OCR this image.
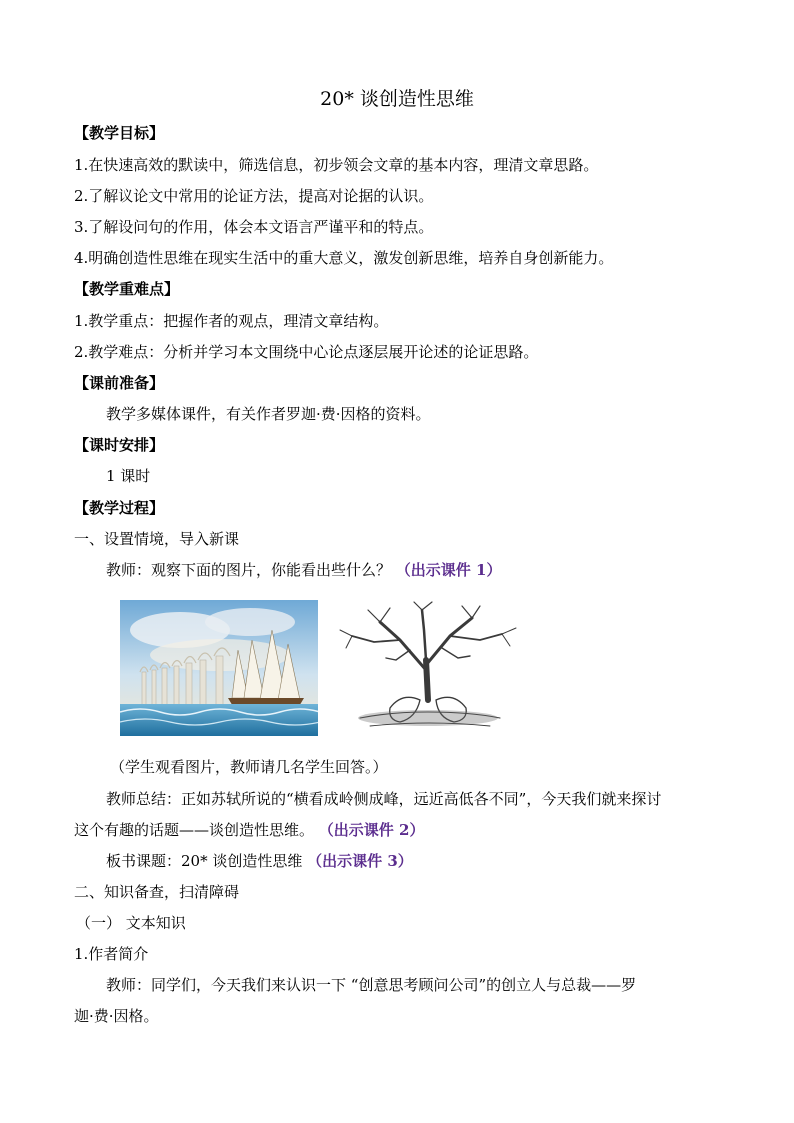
20* 谈创造性思维
【教学目标】
1.在快速高效的默读中，筛选信息，初步领会文章的基本内容，理清文章思路。
2.了解议论文中常用的论证方法，提高对论据的认识。
3.了解设问句的作用，体会本文语言严谨平和的特点。
4.明确创造性思维在现实生活中的重大意义，激发创新思维，培养自身创新能力。
【教学重难点】
1.教学重点：把握作者的观点，理清文章结构。
2.教学难点：分析并学习本文围绕中心论点逐层展开论述的论证思路。
【课前准备】
教学多媒体课件，有关作者罗迦·费·因格的资料。
【课时安排】
1 课时
【教学过程】
一、设置情境，导入新课
教师：观察下面的图片，你能看出些什么？ （出示课件 1）
（学生观看图片，教师请几名学生回答。）
教师总结：正如苏轼所说的“横看成岭侧成峰，远近高低各不同”，今天我们就来探讨
这个有趣的话题——谈创造性思维。 （出示课件 2）
板书课题：20* 谈创造性思维 （出示课件 3）
二、知识备查，扫清障碍
（一） 文本知识
1.作者简介
教师：同学们，今天我们来认识一下 “创意思考顾问公司”的创立人与总裁——罗
迦·费·因格。
